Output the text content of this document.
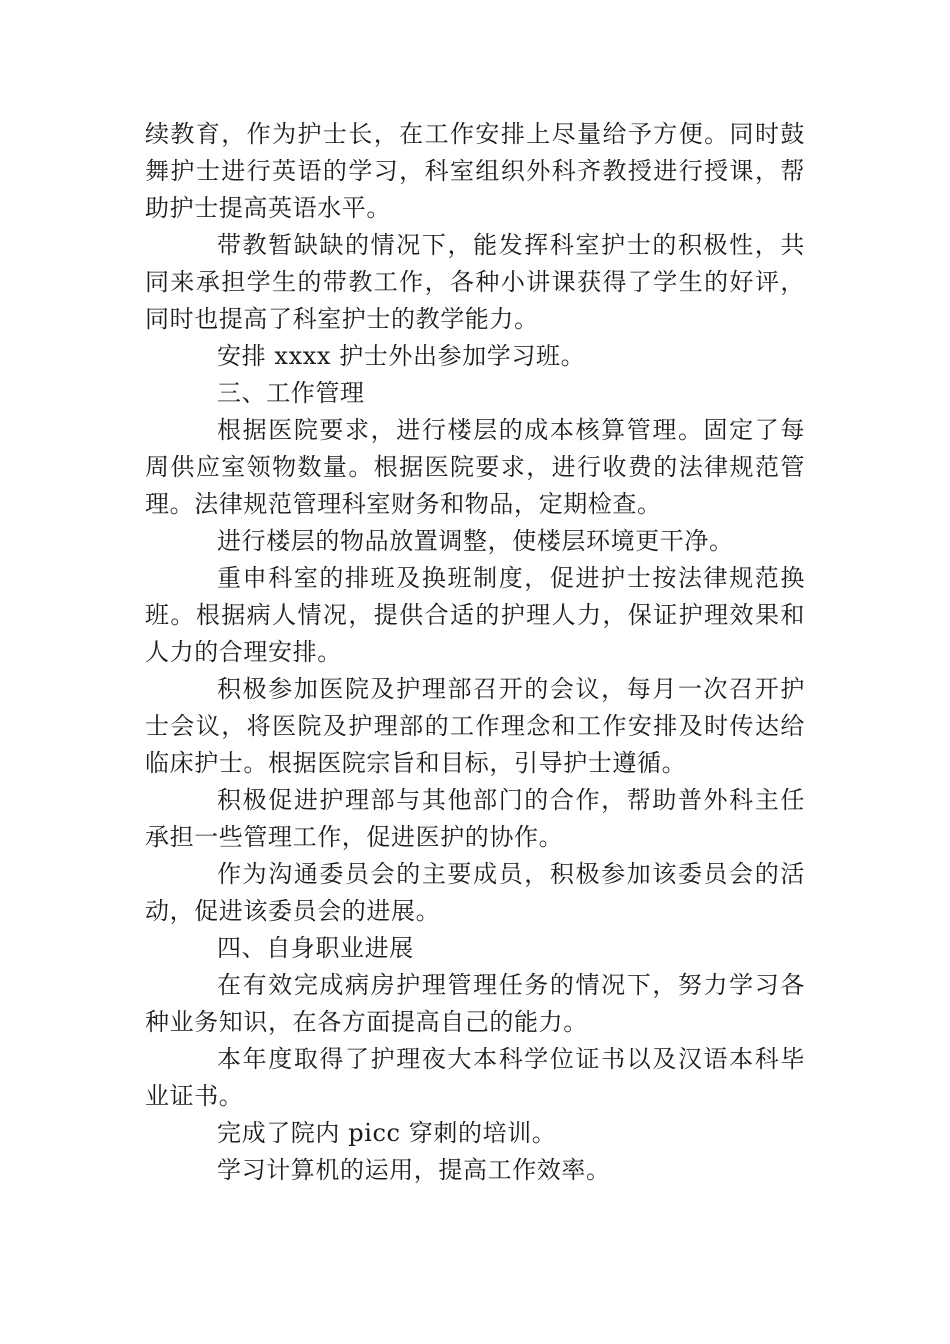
续教育，作为护士长，在工作安排上尽量给予方便。同时鼓舞护士进行英语的学习，科室组织外科齐教授进行授课，帮助护士提高英语水平。

带教暂缺缺的情况下，能发挥科室护士的积极性，共同来承担学生的带教工作，各种小讲课获得了学生的好评，同时也提高了科室护士的教学能力。

安排 xxxx 护士外出参加学习班。

三、工作管理

根据医院要求，进行楼层的成本核算管理。固定了每周供应室领物数量。根据医院要求，进行收费的法律规范管理。法律规范管理科室财务和物品，定期检查。

进行楼层的物品放置调整，使楼层环境更干净。

重申科室的排班及换班制度，促进护士按法律规范换班。根据病人情况，提供合适的护理人力，保证护理效果和人力的合理安排。

积极参加医院及护理部召开的会议，每月一次召开护士会议，将医院及护理部的工作理念和工作安排及时传达给临床护士。根据医院宗旨和目标，引导护士遵循。

积极促进护理部与其他部门的合作，帮助普外科主任承担一些管理工作，促进医护的协作。

作为沟通委员会的主要成员，积极参加该委员会的活动，促进该委员会的进展。

四、自身职业进展

在有效完成病房护理管理任务的情况下，努力学习各种业务知识，在各方面提高自己的能力。

本年度取得了护理夜大本科学位证书以及汉语本科毕业证书。

完成了院内 picc 穿刺的培训。

学习计算机的运用，提高工作效率。
